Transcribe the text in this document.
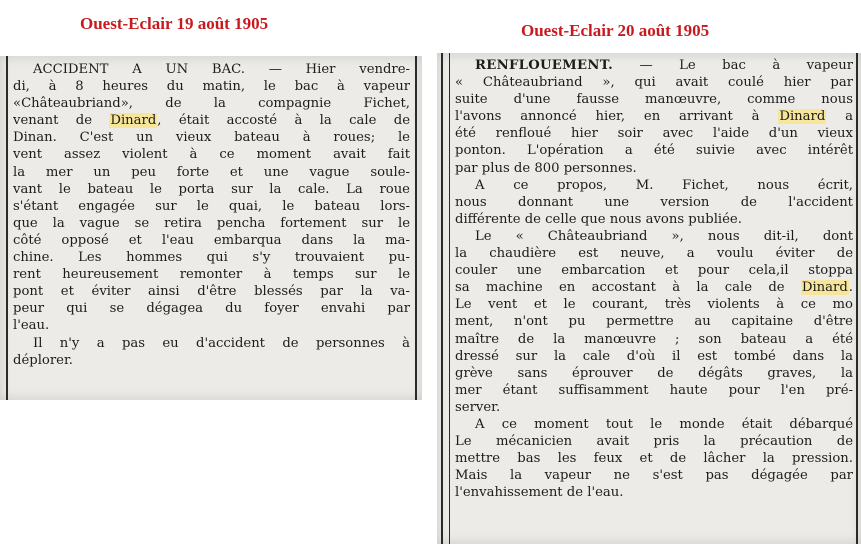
Ouest-Eclair 19 août 1905	Ouest-Eclair 20 août 1905
ACCIDENT A UN BAC. — Hier vendre-
di, à 8 heures du matin, le bac à vapeur
«Châteaubriand», de la compagnie Fichet,
venant de Dinard, était accosté à la cale de
Dinan. C'est un vieux bateau à roues; le
vent assez violent à ce moment avait fait
la mer un peu forte et une vague soule-
vant le bateau le porta sur la cale. La roue
s'étant engagée sur le quai, le bateau lors-
que la vague se retira pencha fortement sur le
côté opposé et l'eau embarqua dans la ma-
chine. Les hommes qui s'y trouvaient pu-
rent heureusement remonter à temps sur le
pont et éviter ainsi d'être blessés par la va-
peur qui se dégagea du foyer envahi par
l'eau.
Il n'y a pas eu d'accident de personnes à
déplorer.
RENFLOUEMENT. — Le bac à vapeur
« Châteaubriand », qui avait coulé hier par
suite d'une fausse manœuvre, comme nous
l'avons annoncé hier, en arrivant à Dinard a
été renfloué hier soir avec l'aide d'un vieux
ponton. L'opération a été suivie avec intérêt
par plus de 800 personnes.
A ce propos, M. Fichet, nous écrit,
nous donnant une version de l'accident
différente de celle que nous avons publiée.
Le « Châteaubriand », nous dit-il, dont
la chaudière est neuve, a voulu éviter de
couler une embarcation et pour cela,il stoppa
sa machine en accostant à la cale de Dinard.
Le vent et le courant, très violents à ce mo
ment, n'ont pu permettre au capitaine d'être
maître de la manœuvre ; son bateau a été
dressé sur la cale d'où il est tombé dans la
grève sans éprouver de dégâts graves, la
mer étant suffisamment haute pour l'en pré-
server.
A ce moment tout le monde était débarqué
Le mécanicien avait pris la précaution de
mettre bas les feux et de lâcher la pression.
Mais la vapeur ne s'est pas dégagée par
l'envahissement de l'eau.
